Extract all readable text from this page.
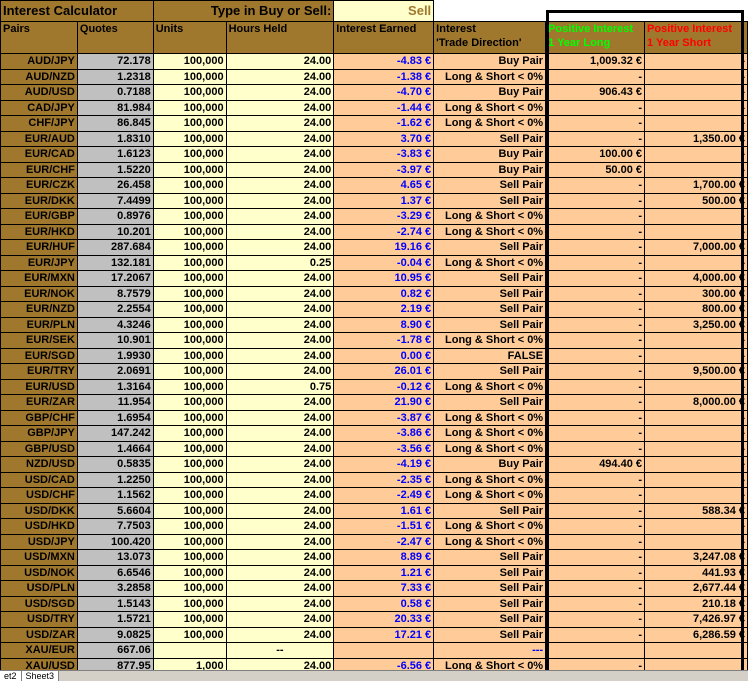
Interest Calculator		Type in Buy or Sell:		Sell			
Pairs	Quotes	Units	Hours Held	Interest Earned	Interest
'Trade Direction'	Positive Interest
1 Year Long	Positive Interest
1 Year Short
AUD/JPY	72.178	100,000	24.00	-4.83 €	Buy Pair	1,009.32 €	-
AUD/NZD	1.2318	100,000	24.00	-1.38 €	Long & Short < 0%	-	-
AUD/USD	0.7188	100,000	24.00	-4.70 €	Buy Pair	906.43 €	-
CAD/JPY	81.984	100,000	24.00	-1.44 €	Long & Short < 0%	-	-
CHF/JPY	86.845	100,000	24.00	-1.62 €	Long & Short < 0%	-	-
EUR/AUD	1.8310	100,000	24.00	3.70 €	Sell Pair	-	1,350.00 €
EUR/CAD	1.6123	100,000	24.00	-3.83 €	Buy Pair	100.00 €	-
EUR/CHF	1.5220	100,000	24.00	-3.97 €	Buy Pair	50.00 €	-
EUR/CZK	26.458	100,000	24.00	4.65 €	Sell Pair	-	1,700.00 €
EUR/DKK	7.4499	100,000	24.00	1.37 €	Sell Pair	-	500.00 €
EUR/GBP	0.8976	100,000	24.00	-3.29 €	Long & Short < 0%	-	-
EUR/HKD	10.201	100,000	24.00	-2.74 €	Long & Short < 0%	-	-
EUR/HUF	287.684	100,000	24.00	19.16 €	Sell Pair	-	7,000.00 €
EUR/JPY	132.181	100,000	0.25	-0.04 €	Long & Short < 0%	-	-
EUR/MXN	17.2067	100,000	24.00	10.95 €	Sell Pair	-	4,000.00 €
EUR/NOK	8.7579	100,000	24.00	0.82 €	Sell Pair	-	300.00 €
EUR/NZD	2.2554	100,000	24.00	2.19 €	Sell Pair	-	800.00 €
EUR/PLN	4.3246	100,000	24.00	8.90 €	Sell Pair	-	3,250.00 €
EUR/SEK	10.901	100,000	24.00	-1.78 €	Long & Short < 0%	-	-
EUR/SGD	1.9930	100,000	24.00	0.00 €	FALSE	-	-
EUR/TRY	2.0691	100,000	24.00	26.01 €	Sell Pair	-	9,500.00 €
EUR/USD	1.3164	100,000	0.75	-0.12 €	Long & Short < 0%	-	-
EUR/ZAR	11.954	100,000	24.00	21.90 €	Sell Pair	-	8,000.00 €
GBP/CHF	1.6954	100,000	24.00	-3.87 €	Long & Short < 0%	-	-
GBP/JPY	147.242	100,000	24.00	-3.86 €	Long & Short < 0%	-	-
GBP/USD	1.4664	100,000	24.00	-3.56 €	Long & Short < 0%	-	-
NZD/USD	0.5835	100,000	24.00	-4.19 €	Buy Pair	494.40 €	-
USD/CAD	1.2250	100,000	24.00	-2.35 €	Long & Short < 0%	-	-
USD/CHF	1.1562	100,000	24.00	-2.49 €	Long & Short < 0%	-	-
USD/DKK	5.6604	100,000	24.00	1.61 €	Sell Pair	-	588.34 €
USD/HKD	7.7503	100,000	24.00	-1.51 €	Long & Short < 0%	-	-
USD/JPY	100.420	100,000	24.00	-2.47 €	Long & Short < 0%	-	-
USD/MXN	13.073	100,000	24.00	8.89 €	Sell Pair	-	3,247.08 €
USD/NOK	6.6546	100,000	24.00	1.21 €	Sell Pair	-	441.93 €
USD/PLN	3.2858	100,000	24.00	7.33 €	Sell Pair	-	2,677.44 €
USD/SGD	1.5143	100,000	24.00	0.58 €	Sell Pair	-	210.18 €
USD/TRY	1.5721	100,000	24.00	20.33 €	Sell Pair	-	7,426.97 €
USD/ZAR	9.0825	100,000	24.00	17.21 €	Sell Pair	-	6,286.59 €
XAU/EUR	667.06		--		---		
XAU/USD	877.95	1,000	24.00	-6.56 €	Long & Short < 0%	-	
et2 Sheet3
